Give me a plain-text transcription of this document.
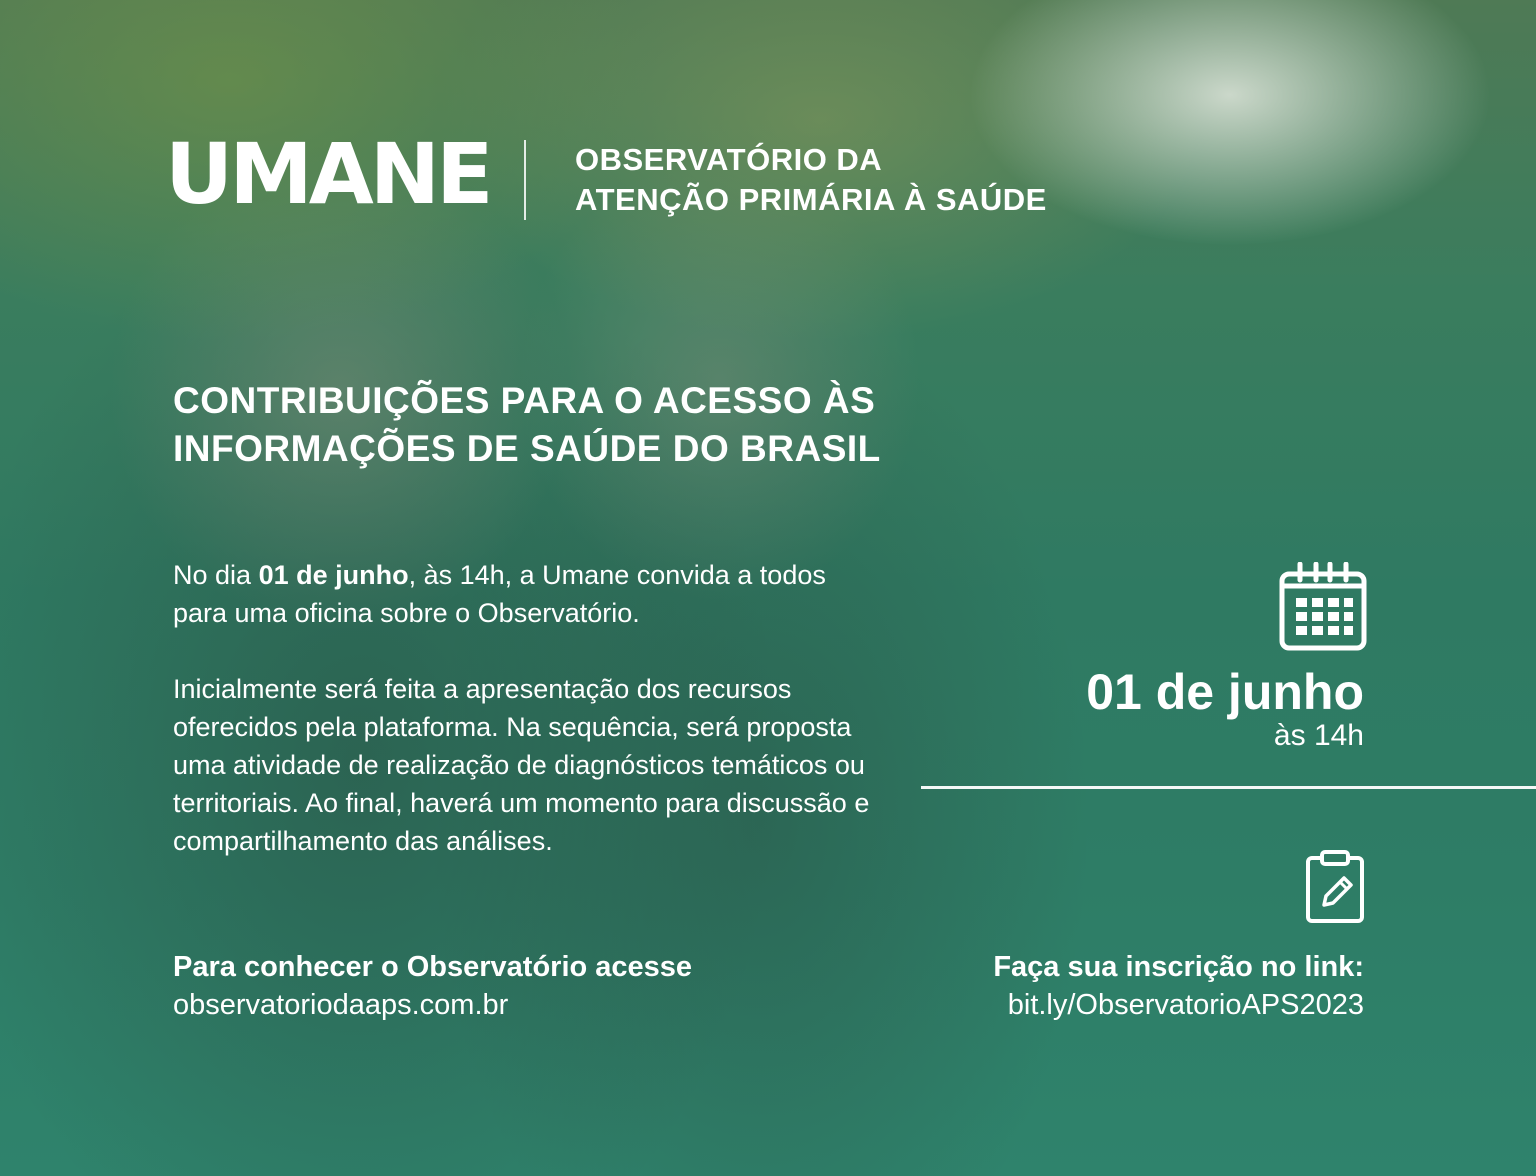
UMANE	OBSERVATÓRIO DA
ATENÇÃO PRIMÁRIA À SAÚDE
CONTRIBUIÇÕES PARA O ACESSO ÀS
INFORMAÇÕES DE SAÚDE DO BRASIL
No dia 01 de junho, às 14h, a Umane convida a todos para uma oficina sobre o Observatório.
Inicialmente será feita a apresentação dos recursos oferecidos pela plataforma. Na sequência, será proposta uma atividade de realização de diagnósticos temáticos ou territoriais. Ao final, haverá um momento para discussão e compartilhamento das análises.
Para conhecer o Observatório acesse
observatoriodaaps.com.br
01 de junho
às 14h
Faça sua inscrição no link:
bit.ly/ObservatorioAPS2023
